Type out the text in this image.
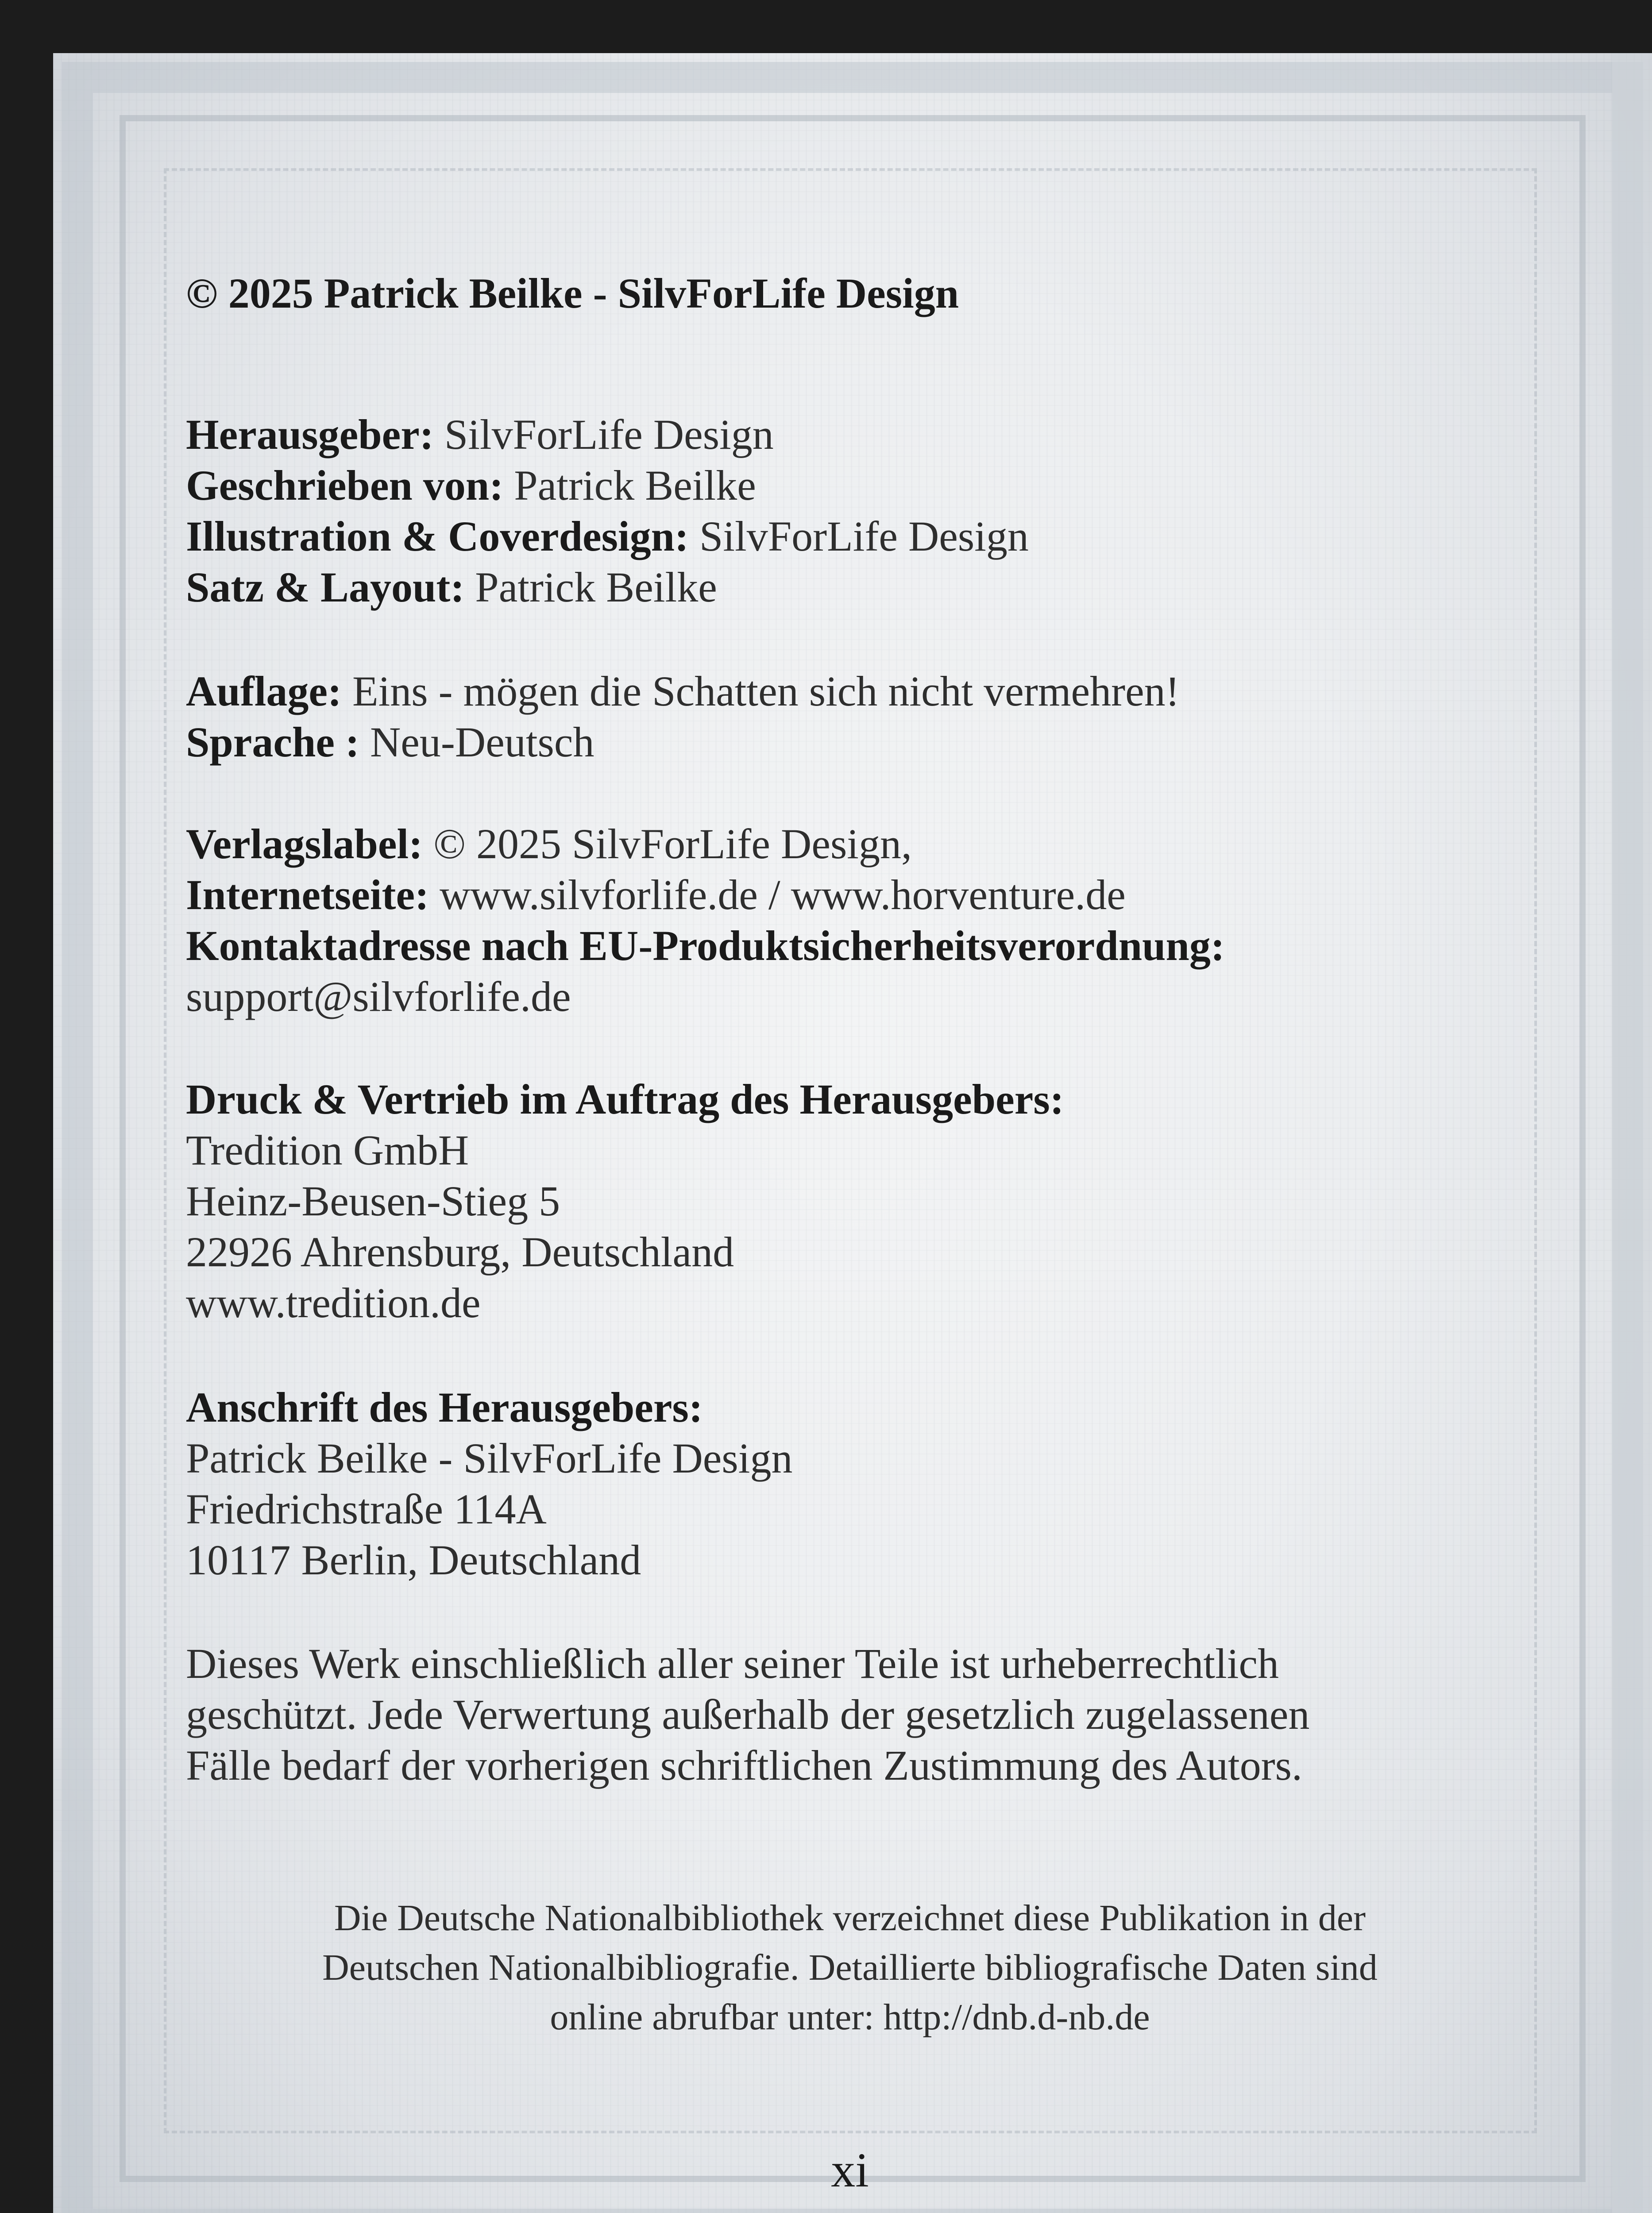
© 2025 Patrick Beilke - SilvForLife Design
Herausgeber: SilvForLife Design
Geschrieben von: Patrick Beilke
Illustration & Coverdesign: SilvForLife Design
Satz & Layout: Patrick Beilke
Auflage: Eins - mögen die Schatten sich nicht vermehren!
Sprache : Neu-Deutsch
Verlagslabel: © 2025 SilvForLife Design,
Internetseite: www.silvforlife.de / www.horventure.de
Kontaktadresse nach EU-Produktsicherheitsverordnung:
support@silvforlife.de
Druck & Vertrieb im Auftrag des Herausgebers:
Tredition GmbH
Heinz-Beusen-Stieg 5
22926 Ahrensburg, Deutschland
www.tredition.de
Anschrift des Herausgebers:
Patrick Beilke - SilvForLife Design
Friedrichstraße 114A
10117 Berlin, Deutschland
Dieses Werk einschließlich aller seiner Teile ist urheberrechtlich
geschützt. Jede Verwertung außerhalb der gesetzlich zugelassenen
Fälle bedarf der vorherigen schriftlichen Zustimmung des Autors.
Die Deutsche Nationalbibliothek verzeichnet diese Publikation in der
Deutschen Nationalbibliografie. Detaillierte bibliografische Daten sind
online abrufbar unter: http://dnb.d-nb.de
xi
